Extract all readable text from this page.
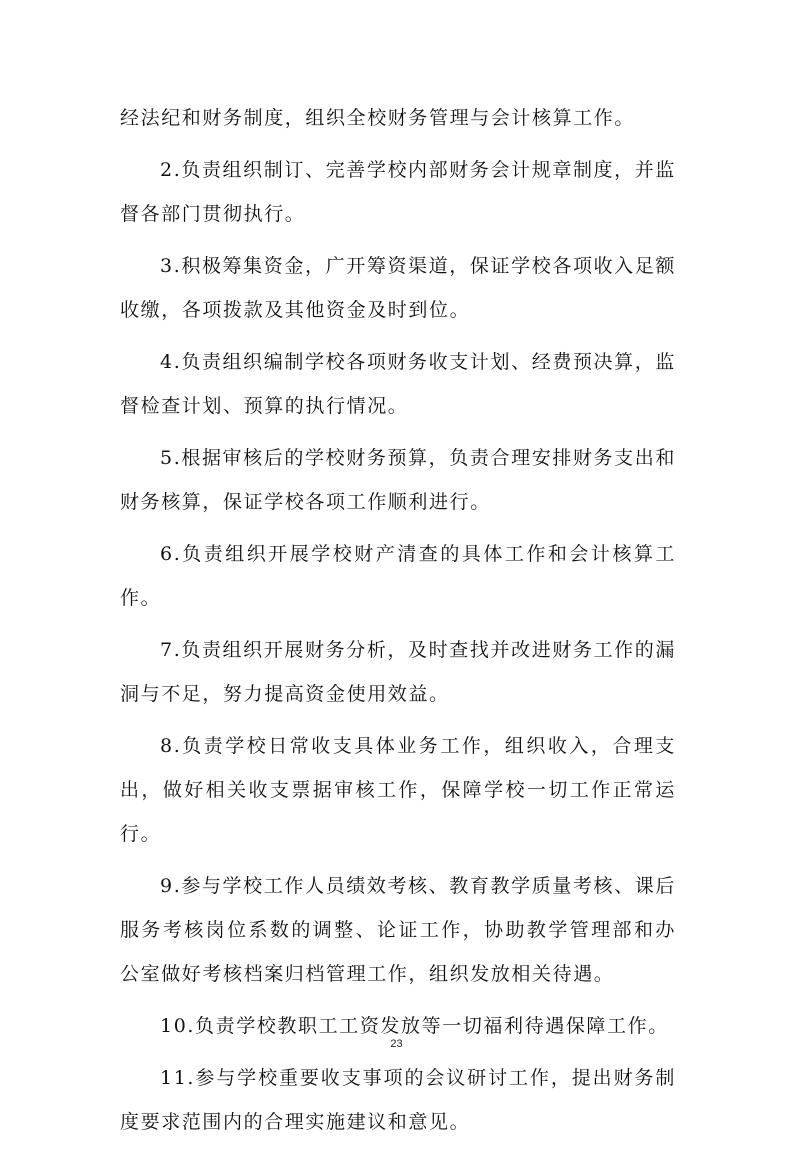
经法纪和财务制度，组织全校财务管理与会计核算工作。

2.负责组织制订、完善学校内部财务会计规章制度，并监督各部门贯彻执行。

3.积极筹集资金，广开筹资渠道，保证学校各项收入足额收缴，各项拨款及其他资金及时到位。

4.负责组织编制学校各项财务收支计划、经费预决算，监督检查计划、预算的执行情况。

5.根据审核后的学校财务预算，负责合理安排财务支出和财务核算，保证学校各项工作顺利进行。

6.负责组织开展学校财产清查的具体工作和会计核算工作。

7.负责组织开展财务分析，及时查找并改进财务工作的漏洞与不足，努力提高资金使用效益。

8.负责学校日常收支具体业务工作，组织收入，合理支出，做好相关收支票据审核工作，保障学校一切工作正常运行。

9.参与学校工作人员绩效考核、教育教学质量考核、课后服务考核岗位系数的调整、论证工作，协助教学管理部和办公室做好考核档案归档管理工作，组织发放相关待遇。

10.负责学校教职工工资发放等一切福利待遇保障工作。

11.参与学校重要收支事项的会议研讨工作，提出财务制度要求范围内的合理实施建议和意见。

23
